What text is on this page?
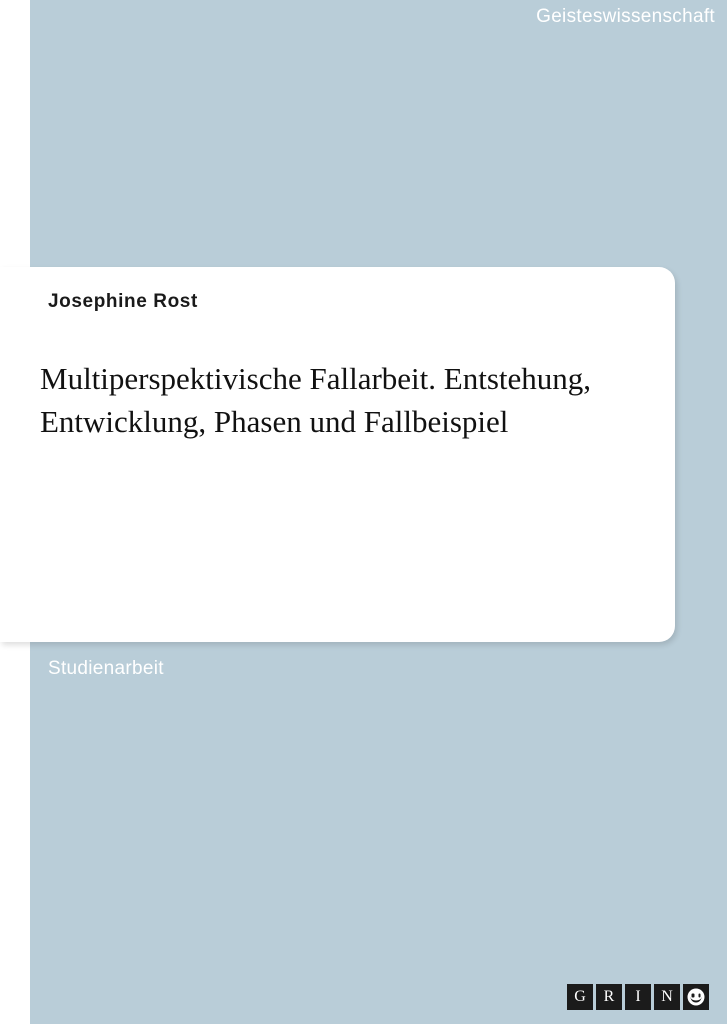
Geisteswissenschaft
Josephine Rost
Multiperspektivische Fallarbeit. Entstehung, Entwicklung, Phasen und Fallbeispiel
Studienarbeit
G	R	I	N
